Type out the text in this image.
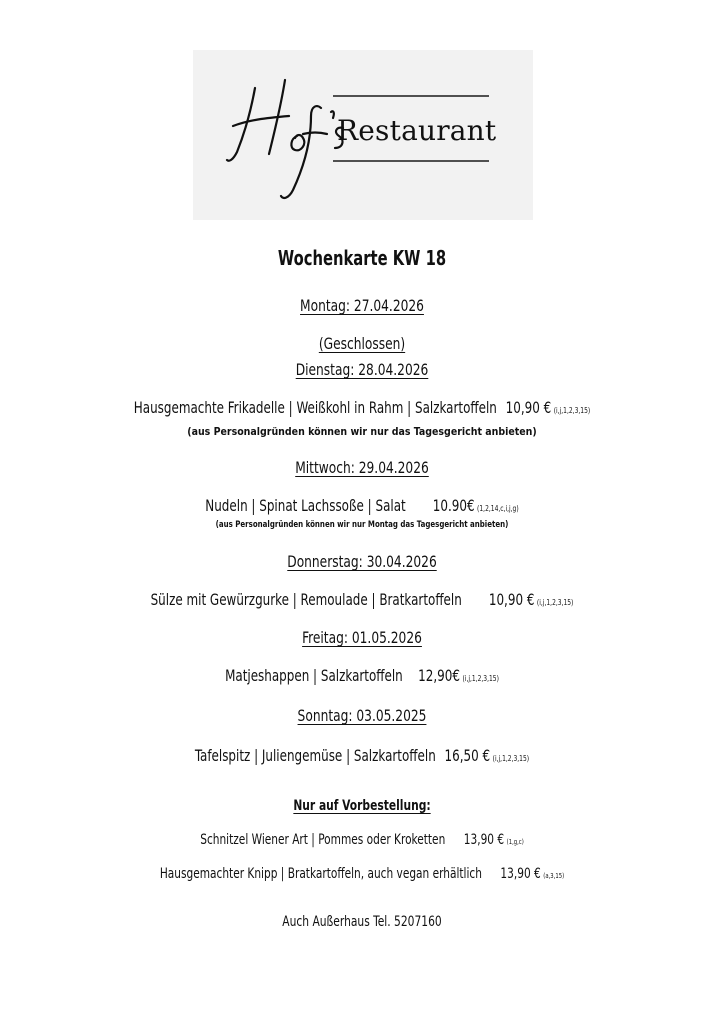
Restaurant
Wochenkarte KW 18
Montag: 27.04.2026
(Geschlossen)
Dienstag: 28.04.2026
Hausgemachte Frikadelle | Weißkohl in Rahm | Salzkartoffeln 10,90 € (i,j,1,2,3,15)
(aus Personalgründen können wir nur das Tagesgericht anbieten)
Mittwoch: 29.04.2026
Nudeln | Spinat Lachssoße | Salat 10.90€ (1,2,14,c,i,j,g)
(aus Personalgründen können wir nur Montag das Tagesgericht anbieten)
Donnerstag: 30.04.2026
Sülze mit Gewürzgurke | Remoulade | Bratkartoffeln 10,90 € (i,j,1,2,3,15)
Freitag: 01.05.2026
Matjeshappen | Salzkartoffeln 12,90€ (i,j,1,2,3,15)
Sonntag: 03.05.2025
Tafelspitz | Juliengemüse | Salzkartoffeln 16,50 € (i,j,1,2,3,15)
Nur auf Vorbestellung:
Schnitzel Wiener Art | Pommes oder Kroketten 13,90 € (1,g,c)
Hausgemachter Knipp | Bratkartoffeln, auch vegan erhältlich 13,90 € (a,3,15)
Auch Außerhaus Tel. 5207160
